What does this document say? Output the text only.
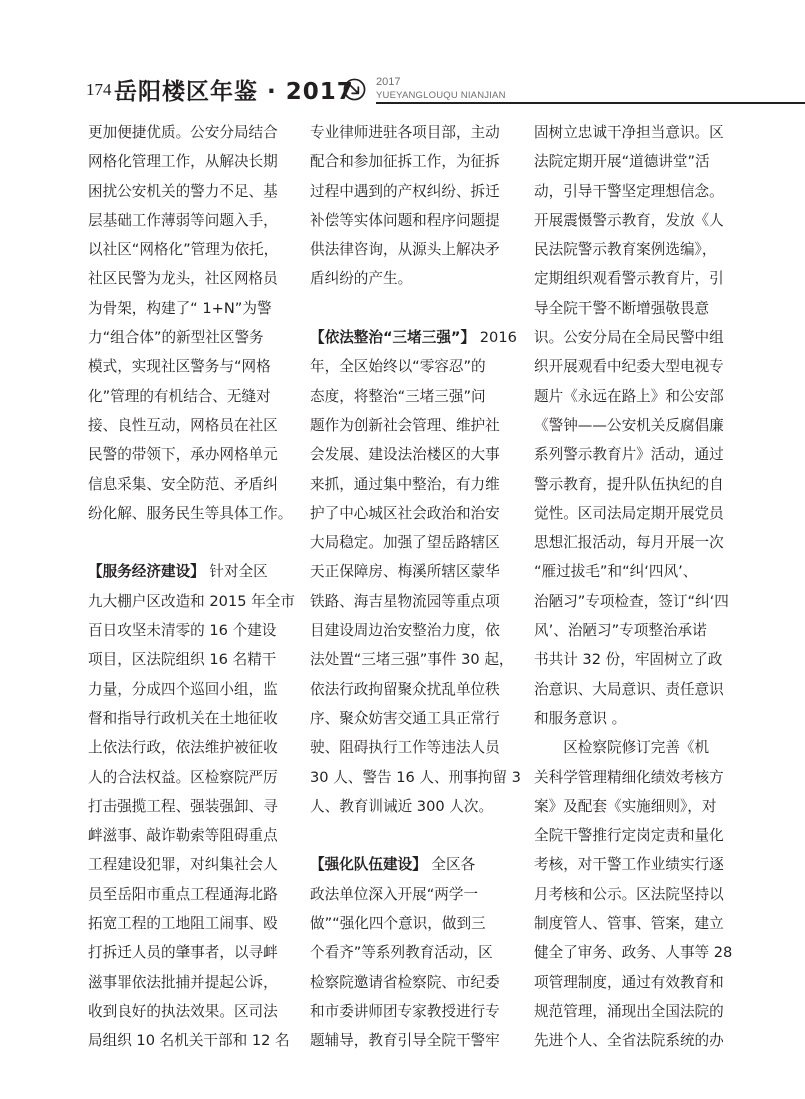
174 岳阳楼区年鉴 · 2017 2017
YUEYANGLOUQU NIANJIAN
更加便捷优质。公安分局结合
网格化管理工作，从解决长期
困扰公安机关的警力不足、基
层基础工作薄弱等问题入手，
以社区“网格化”管理为依托，
社区民警为龙头，社区网格员
为骨架，构建了“ 1+N”为警
力“组合体”的新型社区警务
模式，实现社区警务与“网格
化”管理的有机结合、无缝对
接、良性互动，网格员在社区
民警的带领下，承办网格单元
信息采集、安全防范、矛盾纠
纷化解、服务民生等具体工作。
【服务经济建设】 针对全区
九大棚户区改造和 2015 年全市
百日攻坚未清零的 16 个建设
项目，区法院组织 16 名精干
力量，分成四个巡回小组，监
督和指导行政机关在土地征收
上依法行政，依法维护被征收
人的合法权益。区检察院严厉
打击强揽工程、强装强卸、寻
衅滋事、敲诈勒索等阻碍重点
工程建设犯罪，对纠集社会人
员至岳阳市重点工程通海北路
拓宽工程的工地阻工闹事、殴
打拆迁人员的肇事者，以寻衅
滋事罪依法批捕并提起公诉，
收到良好的执法效果。区司法
局组织 10 名机关干部和 12 名
专业律师进驻各项目部，主动
配合和参加征拆工作，为征拆
过程中遇到的产权纠纷、拆迁
补偿等实体问题和程序问题提
供法律咨询，从源头上解决矛
盾纠纷的产生。
【依法整治“三堵三强”】 2016
年，全区始终以“零容忍”的
态度，将整治“三堵三强”问
题作为创新社会管理、维护社
会发展、建设法治楼区的大事
来抓，通过集中整治，有力维
护了中心城区社会政治和治安
大局稳定。加强了望岳路辖区
天正保障房、梅溪所辖区蒙华
铁路、海吉星物流园等重点项
目建设周边治安整治力度，依
法处置“三堵三强”事件 30 起，
依法行政拘留聚众扰乱单位秩
序、聚众妨害交通工具正常行
驶、阻碍执行工作等违法人员
30 人、警告 16 人、刑事拘留 3
人、教育训诫近 300 人次。
【强化队伍建设】 全区各
政法单位深入开展“两学一
做”“强化四个意识，做到三
个看齐”等系列教育活动，区
检察院邀请省检察院、市纪委
和市委讲师团专家教授进行专
题辅导，教育引导全院干警牢
固树立忠诚干净担当意识。区
法院定期开展“道德讲堂”活
动，引导干警坚定理想信念。
开展震慑警示教育，发放《人
民法院警示教育案例选编》，
定期组织观看警示教育片，引
导全院干警不断增强敬畏意
识。公安分局在全局民警中组
织开展观看中纪委大型电视专
题片《永远在路上》和公安部
《警钟——公安机关反腐倡廉
系列警示教育片》活动，通过
警示教育，提升队伍执纪的自
觉性。区司法局定期开展党员
思想汇报活动，每月开展一次
“雁过拔毛”和“纠‘四风’、
治陋习”专项检查，签订“纠‘四
风’、治陋习”专项整治承诺
书共计 32 份，牢固树立了政
治意识、大局意识、责任意识
和服务意识 。
　　区检察院修订完善《机
关科学管理精细化绩效考核方
案》及配套《实施细则》，对
全院干警推行定岗定责和量化
考核，对干警工作业绩实行逐
月考核和公示。区法院坚持以
制度管人、管事、管案，建立
健全了审务、政务、人事等 28
项管理制度，通过有效教育和
规范管理，涌现出全国法院的
先进个人、全省法院系统的办
